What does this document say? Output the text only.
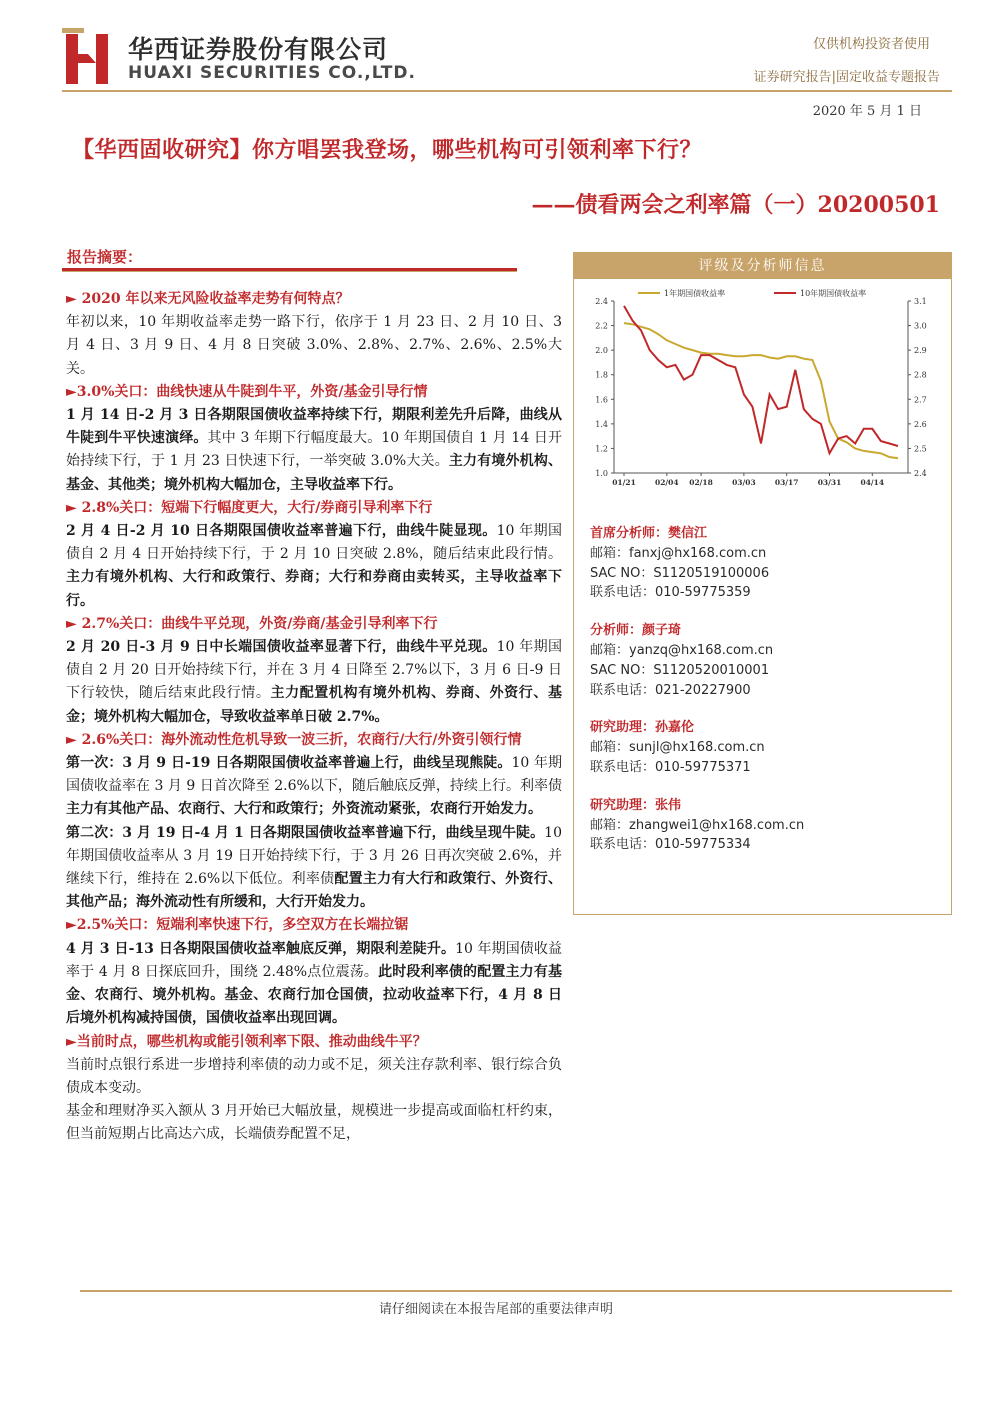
华西证券股份有限公司
HUAXI SECURITIES CO.,LTD.
仅供机构投资者使用
证券研究报告|固定收益专题报告
2020 年 5 月 1 日
【华西固收研究】你方唱罢我登场，哪些机构可引领利率下行？
——债看两会之利率篇（一）20200501
报告摘要：

► 2020 年以来无风险收益率走势有何特点？

年初以来，10 年期收益率走势一路下行，依序于 1 月 23 日、2 月 10 日、3 月 4 日、3 月 9 日、4 月 8 日突破 3.0%、2.8%、2.7%、2.6%、2.5%大关。

►3.0%关口：曲线快速从牛陡到牛平，外资/基金引导行情

1 月 14 日-2 月 3 日各期限国债收益率持续下行，期限利差先升后降，曲线从牛陡到牛平快速演绎。其中 3 年期下行幅度最大。10 年期国债自 1 月 14 日开始持续下行，于 1 月 23 日快速下行，一举突破 3.0%大关。主力有境外机构、基金、其他类；境外机构大幅加仓，主导收益率下行。

► 2.8%关口：短端下行幅度更大，大行/券商引导利率下行

2 月 4 日-2 月 10 日各期限国债收益率普遍下行，曲线牛陡显现。10 年期国债自 2 月 4 日开始持续下行，于 2 月 10 日突破 2.8%，随后结束此段行情。主力有境外机构、大行和政策行、券商；大行和券商由卖转买，主导收益率下行。

► 2.7%关口：曲线牛平兑现，外资/券商/基金引导利率下行

2 月 20 日-3 月 9 日中长端国债收益率显著下行，曲线牛平兑现。10 年期国债自 2 月 20 日开始持续下行，并在 3 月 4 日降至 2.7%以下，3 月 6 日-9 日下行较快，随后结束此段行情。主力配置机构有境外机构、券商、外资行、基金；境外机构大幅加仓，导致收益率单日破 2.7%。

► 2.6%关口：海外流动性危机导致一波三折，农商行/大行/外资引领行情

第一次：3 月 9 日-19 日各期限国债收益率普遍上行，曲线呈现熊陡。10 年期国债收益率在 3 月 9 日首次降至 2.6%以下，随后触底反弹，持续上行。利率债主力有其他产品、农商行、大行和政策行；外资流动紧张，农商行开始发力。

第二次：3 月 19 日-4 月 1 日各期限国债收益率普遍下行，曲线呈现牛陡。10 年期国债收益率从 3 月 19 日开始持续下行，于 3 月 26 日再次突破 2.6%，并继续下行，维持在 2.6%以下低位。利率债配置主力有大行和政策行、外资行、其他产品；海外流动性有所缓和，大行开始发力。

►2.5%关口：短端利率快速下行，多空双方在长端拉锯

4 月 3 日-13 日各期限国债收益率触底反弹，期限利差陡升。10 年期国债收益率于 4 月 8 日探底回升，围绕 2.48%点位震荡。此时段利率债的配置主力有基金、农商行、境外机构。基金、农商行加仓国债，拉动收益率下行，4 月 8 日后境外机构减持国债，国债收益率出现回调。

►当前时点，哪些机构或能引领利率下限、推动曲线牛平？

当前时点银行系进一步增持利率债的动力或不足，须关注存款利率、银行综合负债成本变动。

基金和理财净买入额从 3 月开始已大幅放量，规模进一步提高或面临杠杆约束，但当前短期占比高达六成，长端债券配置不足，

评级及分析师信息
1.0
1.2
1.4
1.6
1.8
2.0
2.2
2.4
2.4
2.5
2.6
2.7
2.8
2.9
3.0
3.1
01/21	02/04 02/18	03/03	03/17	03/31	04/14
1年期国债收益率	10年期国债收益率
首席分析师：樊信江
邮箱：fanxj@hx168.com.cn
SAC NO：S1120519100006
联系电话：010-59775359
分析师：颜子琦
邮箱：yanzq@hx168.com.cn
SAC NO：S1120520010001
联系电话：021-20227900
研究助理：孙嘉伦
邮箱：sunjl@hx168.com.cn
联系电话：010-59775371
研究助理：张伟
邮箱：zhangwei1@hx168.com.cn
联系电话：010-59775334
请仔细阅读在本报告尾部的重要法律声明
